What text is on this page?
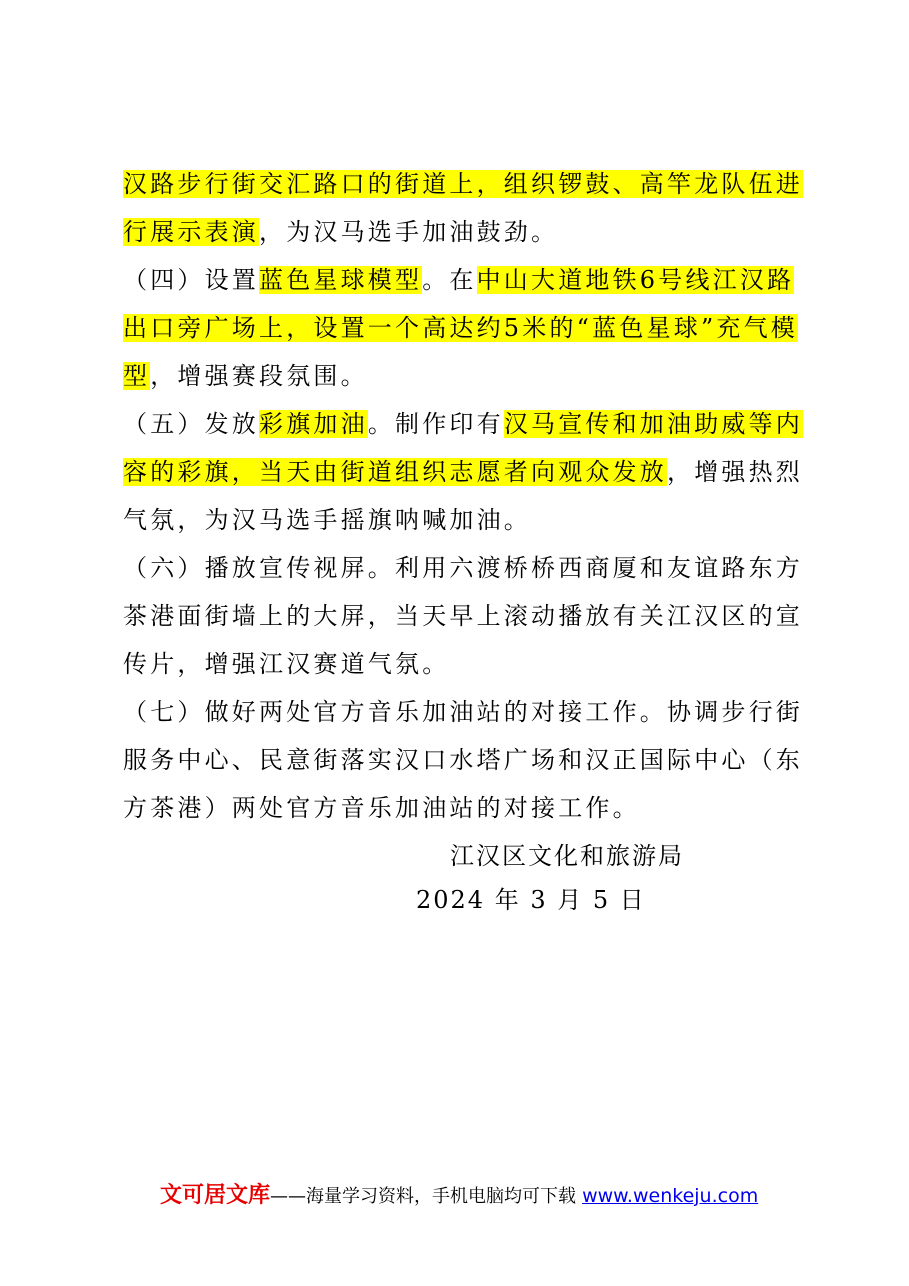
汉路步行街交汇路口的街道上，组织锣鼓、高竿龙队伍进行展示表演，为汉马选手加油鼓劲。

（四）设置蓝色星球模型。在中山大道地铁6号线江汉路出口旁广场上，设置一个高达约5米的“蓝色星球”充气模型，增强赛段氛围。

（五）发放彩旗加油。制作印有汉马宣传和加油助威等内容的彩旗，当天由街道组织志愿者向观众发放，增强热烈气氛，为汉马选手摇旗呐喊加油。

（六）播放宣传视屏。利用六渡桥桥西商厦和友谊路东方茶港面街墙上的大屏，当天早上滚动播放有关江汉区的宣传片，增强江汉赛道气氛。

（七）做好两处官方音乐加油站的对接工作。协调步行街服务中心、民意街落实汉口水塔广场和汉正国际中心（东方茶港）两处官方音乐加油站的对接工作。

江汉区文化和旅游局
2024 年 3 月 5 日
文可居文库——海量学习资料，手机电脑均可下载 www.wenkeju.com
